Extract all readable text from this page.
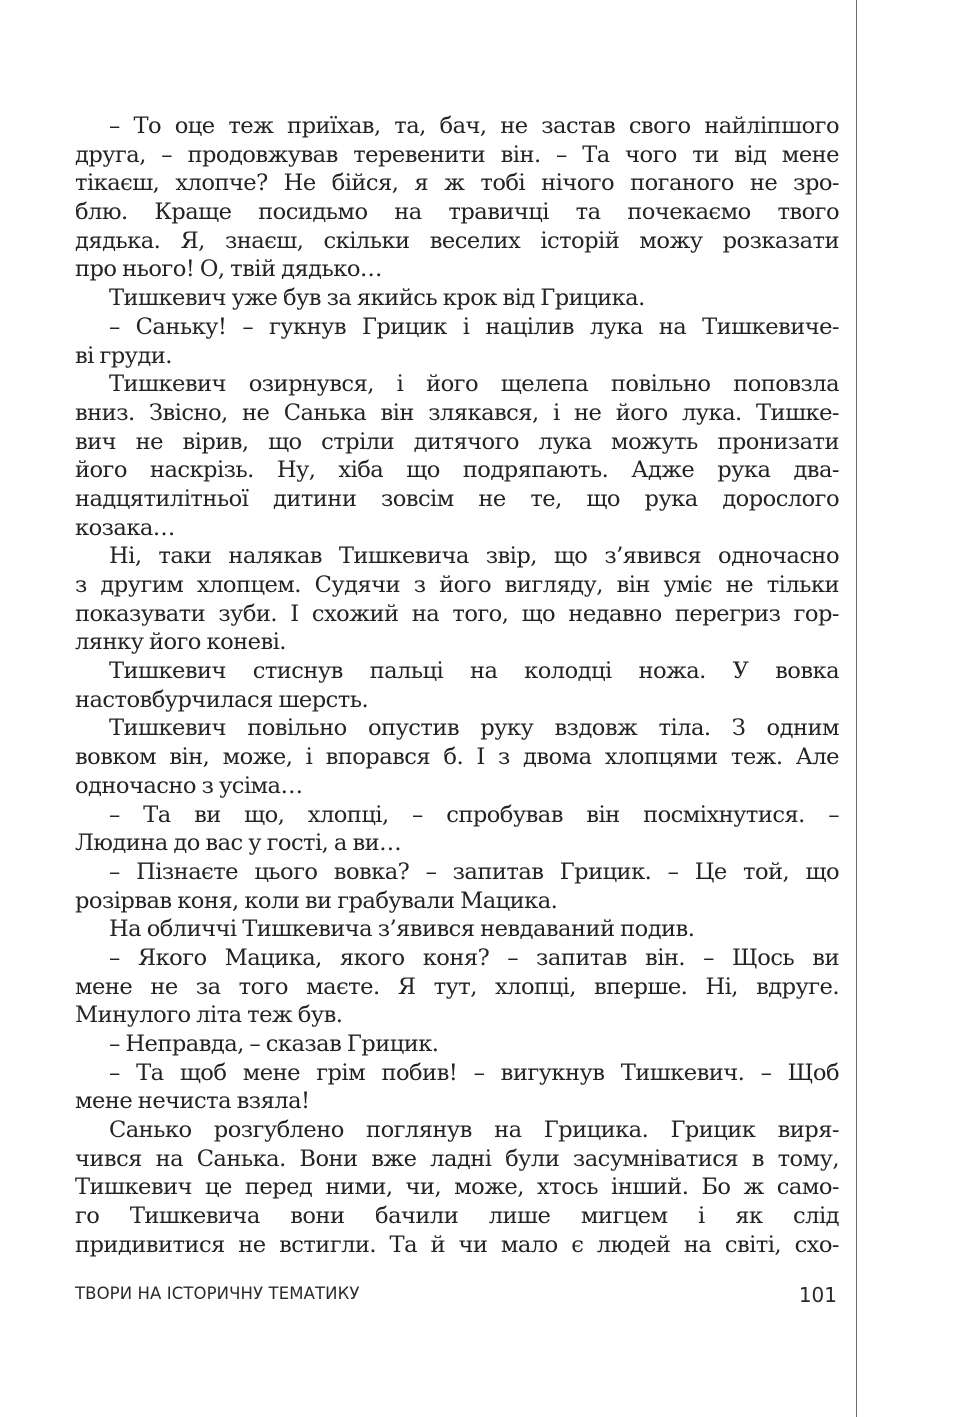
– То оце теж приїхав, та, бач, не застав свого найліпшого
друга, – продовжував теревенити він. – Та чого ти від мене
тікаєш, хлопче? Не бійся, я ж тобі нічого поганого не зро-
блю. Краще посидьмо на травичці та почекаємо твого
дядька. Я, знаєш, скільки веселих історій можу розказати
про нього! О, твій дядько…
Тишкевич уже був за якийсь крок від Грицика.
– Саньку! – гукнув Грицик і націлив лука на Тишкевиче-
ві груди.
Тишкевич озирнувся, і його щелепа повільно поповзла
вниз. Звісно, не Санька він злякався, і не його лука. Тишке-
вич не вірив, що стріли дитячого лука можуть пронизати
його наскрізь. Ну, хіба що подряпають. Адже рука два-
надцятилітньої дитини зовсім не те, що рука дорослого
козака…
Ні, таки налякав Тишкевича звір, що з’явився одночасно
з другим хлопцем. Судячи з його вигляду, він уміє не тільки
показувати зуби. І схожий на того, що недавно перегриз гор-
лянку його коневі.
Тишкевич стиснув пальці на колодці ножа. У вовка
настовбурчилася шерсть.
Тишкевич повільно опустив руку вздовж тіла. З одним
вовком він, може, і впорався б. І з двома хлопцями теж. Але
одночасно з усіма…
– Та ви що, хлопці, – спробував він посміхнутися. –
Людина до вас у гості, а ви…
– Пізнаєте цього вовка? – запитав Грицик. – Це той, що
розірвав коня, коли ви грабували Мацика.
На обличчі Тишкевича з’явився невдаваний подив.
– Якого Мацика, якого коня? – запитав він. – Щось ви
мене не за того маєте. Я тут, хлопці, вперше. Ні, вдруге.
Минулого літа теж був.
– Неправда, – сказав Грицик.
– Та щоб мене грім побив! – вигукнув Тишкевич. – Щоб
мене нечиста взяла!
Санько розгублено поглянув на Грицика. Грицик виря-
чився на Санька. Вони вже ладні були засумніватися в тому,
Тишкевич це перед ними, чи, може, хтось інший. Бо ж само-
го Тишкевича вони бачили лише мигцем і як слід
придивитися не встигли. Та й чи мало є людей на світі, схо-
ТВОРИ НА ІСТОРИЧНУ ТЕМАТИКУ	101
